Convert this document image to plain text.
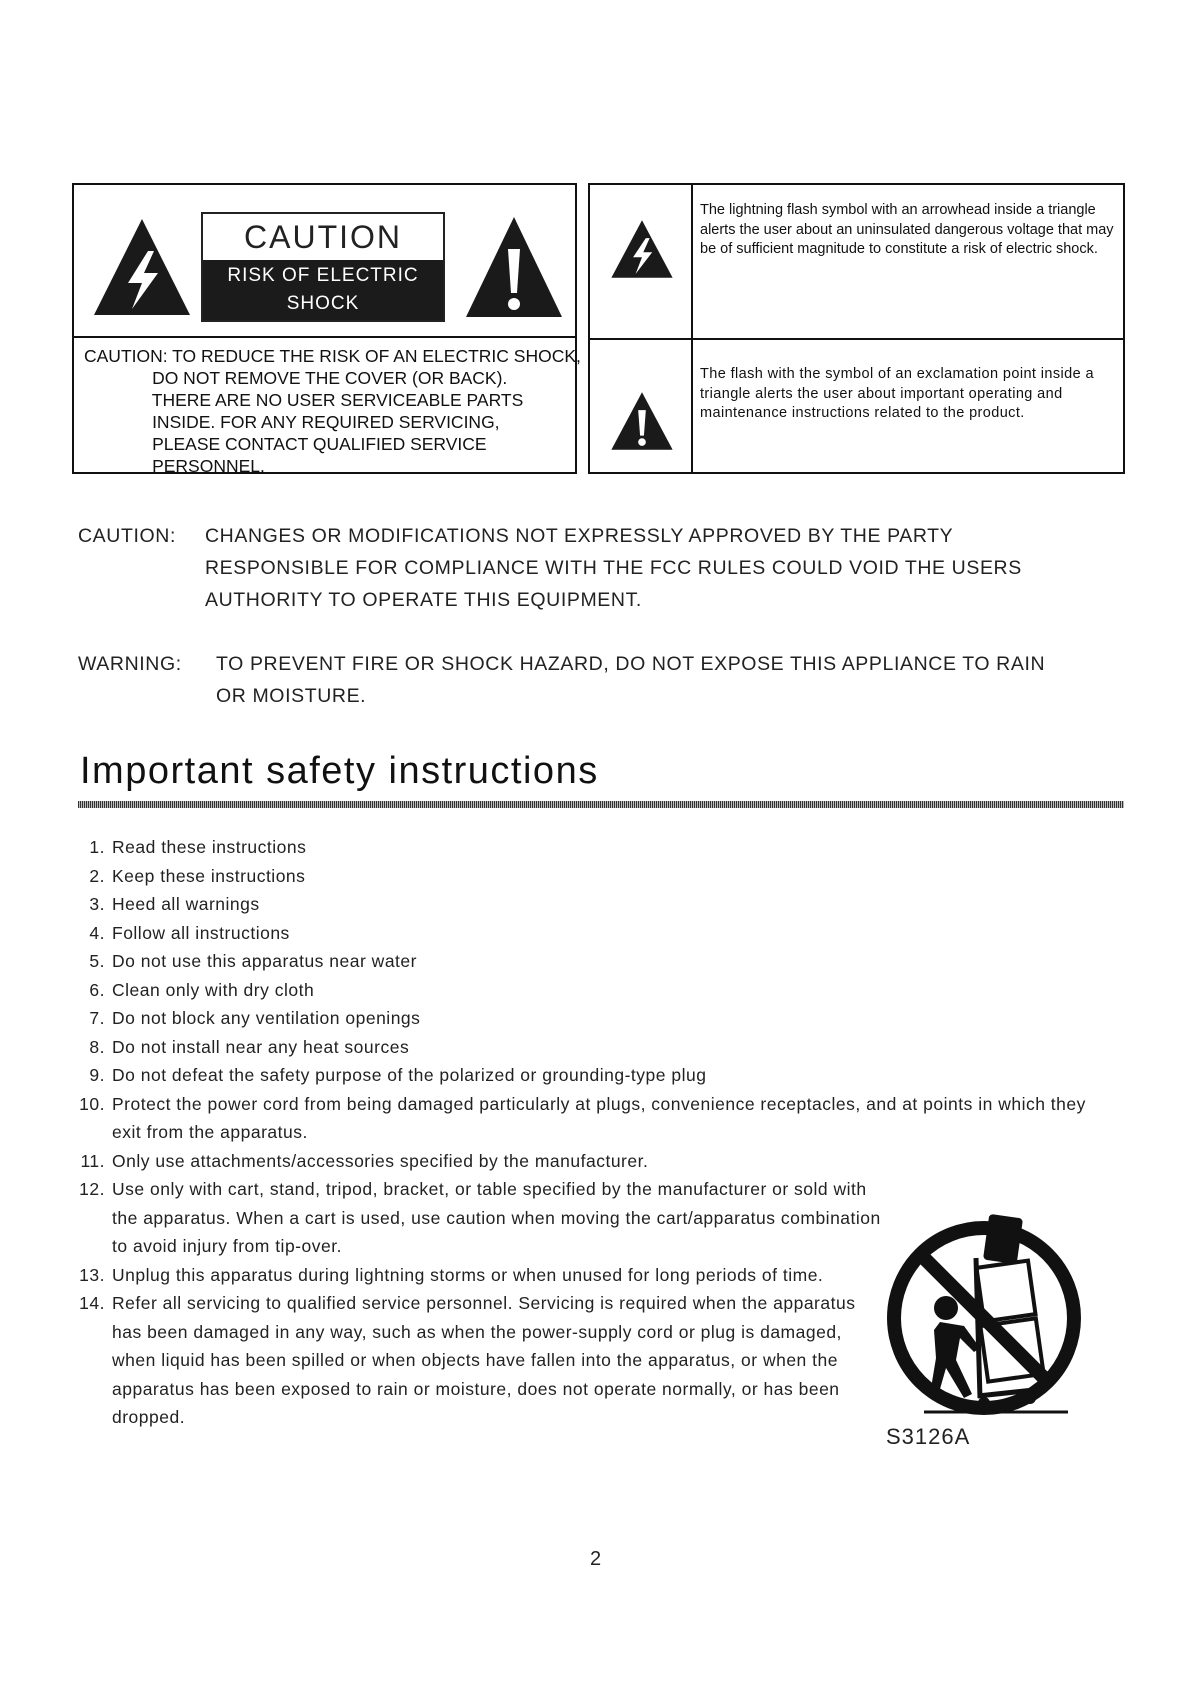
CAUTION
RISK OF ELECTRIC SHOCK
DO NOT OPEN
CAUTION: TO REDUCE THE RISK OF AN ELECTRIC SHOCK,
DO NOT REMOVE THE COVER (OR BACK).
THERE ARE NO USER SERVICEABLE PARTS
INSIDE. FOR ANY REQUIRED SERVICING,
PLEASE CONTACT QUALIFIED SERVICE
PERSONNEL.
The lightning flash symbol with an arrowhead inside a triangle alerts the user about an uninsulated dangerous voltage that may be of sufficient magnitude to constitute a risk of electric shock.
The flash with the symbol of an exclamation point inside a triangle alerts the user about important operating and maintenance instructions related to the product.
CAUTION: CHANGES OR MODIFICATIONS NOT EXPRESSLY APPROVED BY THE PARTY RESPONSIBLE FOR COMPLIANCE WITH THE FCC RULES COULD VOID THE USERS AUTHORITY TO OPERATE THIS EQUIPMENT.
WARNING: TO PREVENT FIRE OR SHOCK HAZARD, DO NOT EXPOSE THIS APPLIANCE TO RAIN OR MOISTURE.
Important safety instructions
1. Read these instructions
2. Keep these instructions
3. Heed all warnings
4. Follow all instructions
5. Do not use this apparatus near water
6. Clean only with dry cloth
7. Do not block any ventilation openings
8. Do not install near any heat sources
9. Do not defeat the safety purpose of the polarized or grounding-type plug
10. Protect the power cord from being damaged particularly at plugs, convenience receptacles, and at points in which they exit from the apparatus.
11. Only use attachments/accessories specified by the manufacturer.
12. Use only with cart, stand, tripod, bracket, or table specified by the manufacturer or sold with the apparatus. When a cart is used, use caution when moving the cart/apparatus combination to avoid injury from tip-over.
13. Unplug this apparatus during lightning storms or when unused for long periods of time.
14. Refer all servicing to qualified service personnel. Servicing is required when the apparatus has been damaged in any way, such as when the power-supply cord or plug is damaged, when liquid has been spilled or when objects have fallen into the apparatus, or when the apparatus has been exposed to rain or moisture, does not operate normally, or has been dropped.
S3126A
2
